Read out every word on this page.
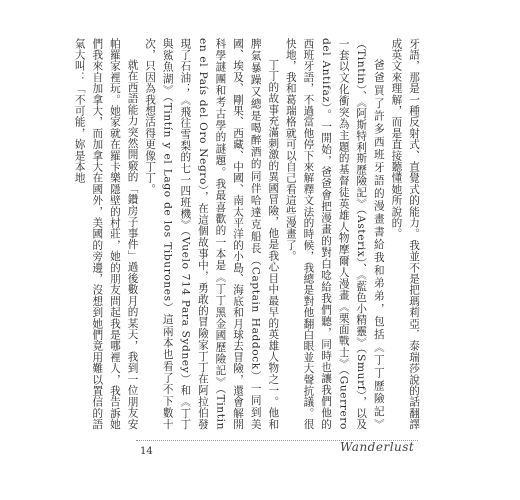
牙語，那是一種反射式、直覺式的能力。我並不是把瑪莉亞．泰瑞莎說的話翻譯成英文來理解，而是直接聽懂她所說的。

爸爸買了許多西班牙語的漫畫書給我和弟弟，包括《丁丁歷險記》（Tintin）、《阿斯特利斯歷險記》（Asterix）、《藍色小精靈》（Smurf），以及一套以文化衝突為主題的基督徒英雄人物摩爾人漫畫《栗面戰士》（Guerrero del Antifaz）。一開始，爸爸會把漫畫的對白唸給我們聽，同時也讓我們他的西班牙語，不過當他停下來解釋文法的時候，我總是對他翻白眼並大聲抗議。很快地，我和葛瑞格就可以自己看這些漫畫了。

丁丁的故事充滿刺激的異國冒險，他是我心目中最早的英雄人物之一。他和脾氣暴躁又總是喝醉酒的同伴哈達克船長（Captain Haddock）一同到美國、埃及、剛果、西藏、中國、南太平洋的小島、海底和月球去冒險，還會解開科學謎團和考古學的謎題。我最喜歡的一本是《丁丁黑金國歷險記》（Tintin en el País del Oro Negro），在這個故事中，勇敢的冒險家丁丁在阿拉伯發現了石油；《飛往雪梨的七一四班機》（Vuelo 714 Para Sydney）和《丁丁與鯊魚湖》（Tintín y el Lago de los Tiburones）這兩本也看了不下數十次，只因為我想活得更像丁丁。

就在西語能力突然開竅的「鑽房子事件」過後數月的某天，我到一位朋友安帕羅家裡玩。她家就在羅卡樂隱壁的村莊，她的朋友問起我是哪裡人，我告訴她們我來自加拿大，而加拿大在國外，美國的旁邊，沒想到她們竟用難以置信的語氣大叫：「不可能，妳是本地

14	Wanderlust
